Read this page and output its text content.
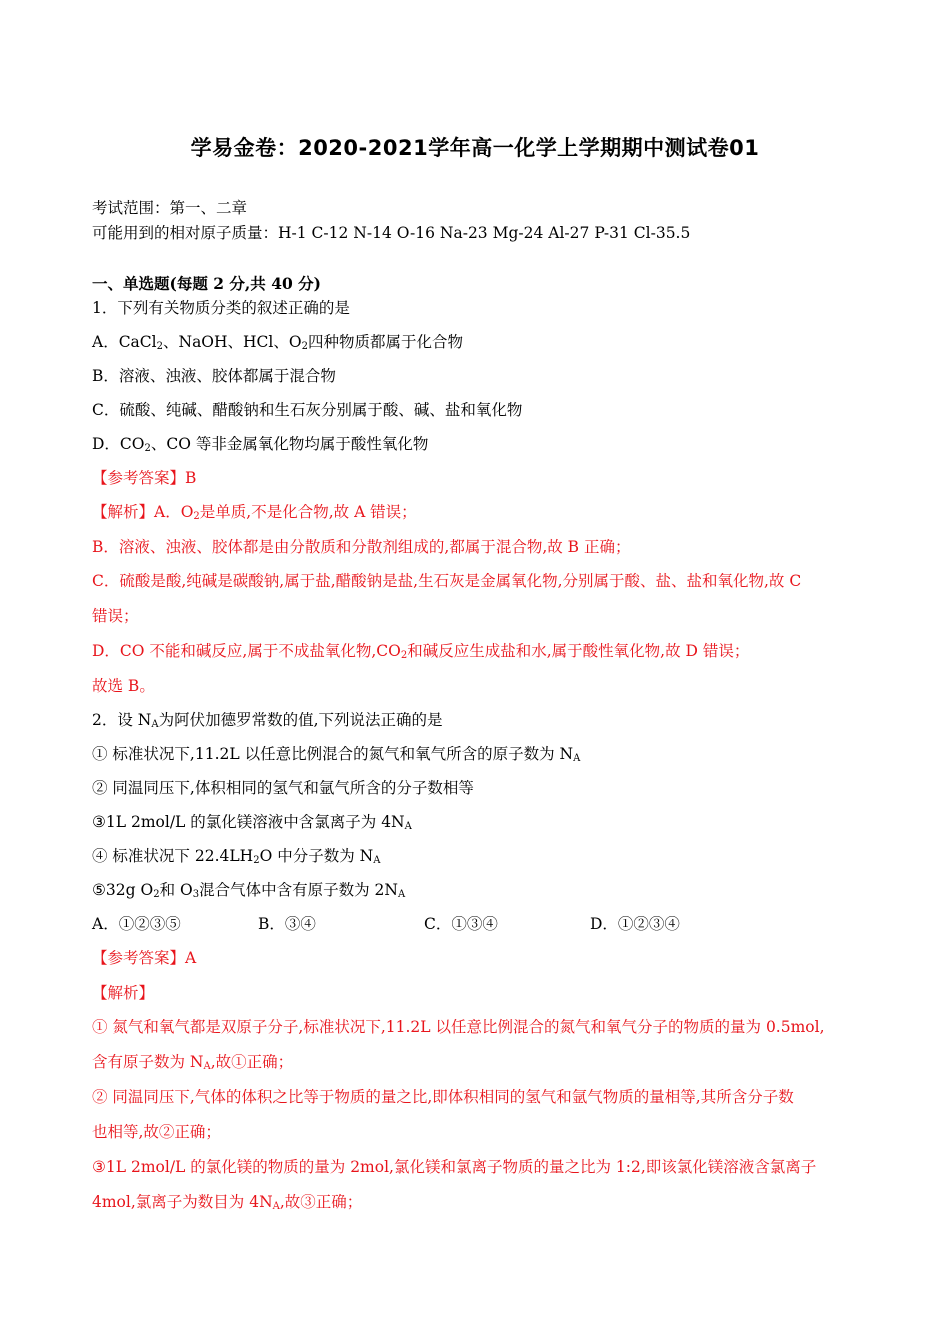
学易金卷：2020-2021学年高一化学上学期期中测试卷01
考试范围：第一、二章
可能用到的相对原子质量：H-1 C-12 N-14 O-16 Na-23 Mg-24 Al-27 P-31 Cl-35.5
一、单选题(每题 2 分,共 40 分)
1．下列有关物质分类的叙述正确的是
A．CaCl$_2$、NaOH、HCl、$O_2$四种物质都属于化合物
B．溶液、浊液、胶体都属于混合物
C．硫酸、纯碱、醋酸钠和生石灰分别属于酸、碱、盐和氧化物
D．$CO_2$、CO 等非金属氧化物均属于酸性氧化物
【参考答案】B
【解析】A．$O_2$是单质,不是化合物,故 A 错误；
B．溶液、浊液、胶体都是由分散质和分散剂组成的,都属于混合物,故 B 正确；
C．硫酸是酸,纯碱是碳酸钠,属于盐,醋酸钠是盐,生石灰是金属氧化物,分别属于酸、盐、盐和氧化物,故 C
错误；
D．CO 不能和碱反应,属于不成盐氧化物$,CO_2$和碱反应生成盐和水,属于酸性氧化物,故 D 错误；
故选 B。
2．设 $N_A$为阿伏加德罗常数的值,下列说法正确的是
① 标准状况下,11.2L 以任意比例混合的氮气和氧气所含的原子数为 $N_A$
② 同温同压下,体积相同的氢气和氩气所含的分子数相等
③1L 2mol/L 的氯化镁溶液中含氯离子为 $4N_A$
④ 标准状况下 $22.4LH_2O$ 中分子数为 $N_A$
⑤32g $O_2$和 $O_3$混合气体中含有原子数为 $2N_A$
A．①②③⑤	B．③④	C．①③④	D．①②③④
【参考答案】A
【解析】
① 氮气和氧气都是双原子分子,标准状况下,11.2L 以任意比例混合的氮气和氧气分子的物质的量为 0.5mol,
含有原子数为 $N_A$,故①正确；
② 同温同压下,气体的体积之比等于物质的量之比,即体积相同的氢气和氩气物质的量相等,其所含分子数
也相等,故②正确；
③1L 2mol/L 的氯化镁的物质的量为 2mol,氯化镁和氯离子物质的量之比为 1:2,即该氯化镁溶液含氯离子
4mol,氯离子为数目为 $4N_A$,故③正确；
